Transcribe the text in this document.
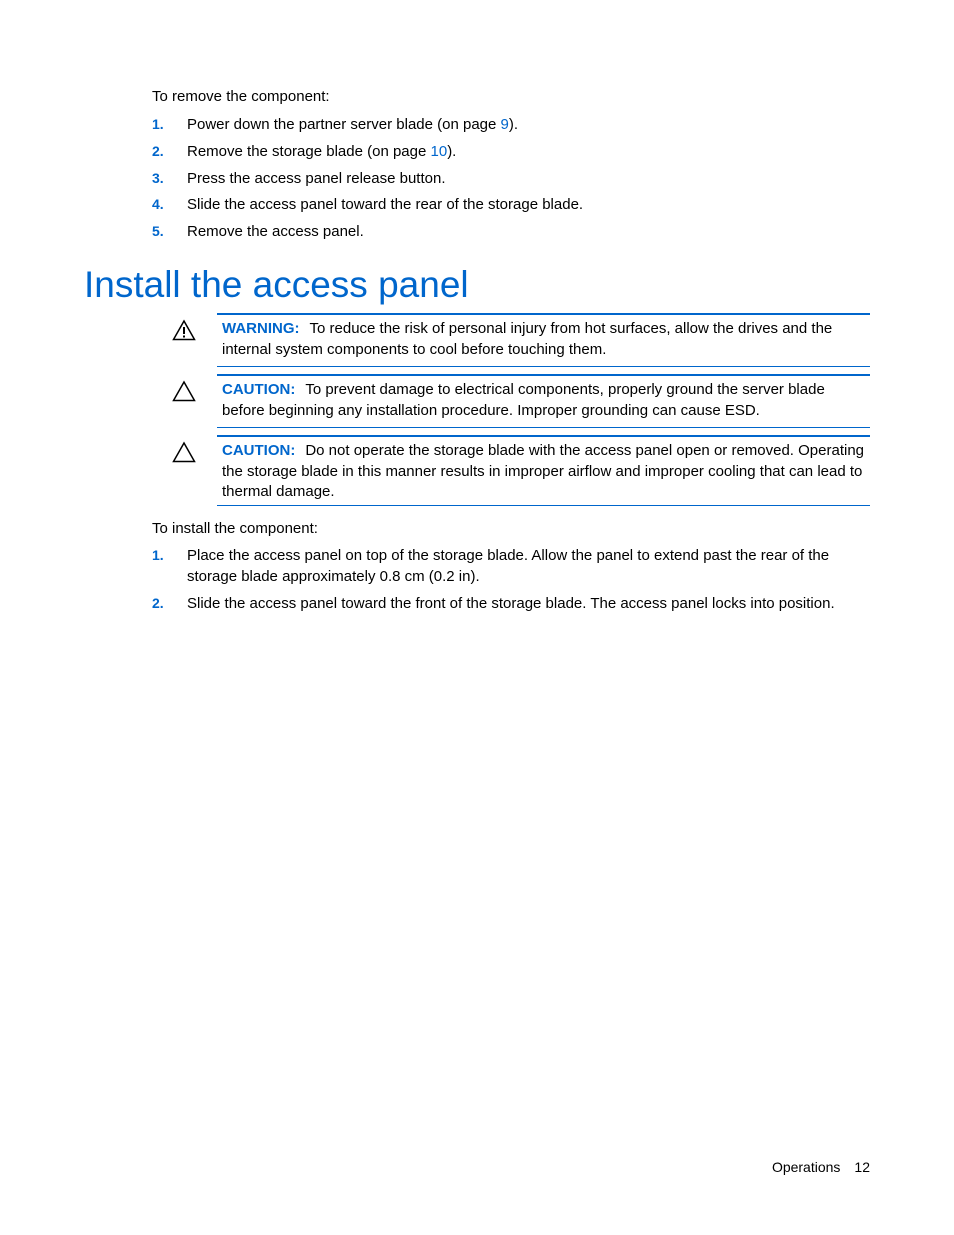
To remove the component:
1. Power down the partner server blade (on page 9).
2. Remove the storage blade (on page 10).
3. Press the access panel release button.
4. Slide the access panel toward the rear of the storage blade.
5. Remove the access panel.
Install the access panel
WARNING: To reduce the risk of personal injury from hot surfaces, allow the drives and the internal system components to cool before touching them.
CAUTION: To prevent damage to electrical components, properly ground the server blade before beginning any installation procedure. Improper grounding can cause ESD.
CAUTION: Do not operate the storage blade with the access panel open or removed. Operating the storage blade in this manner results in improper airflow and improper cooling that can lead to thermal damage.
To install the component:
1. Place the access panel on top of the storage blade. Allow the panel to extend past the rear of the storage blade approximately 0.8 cm (0.2 in).
2. Slide the access panel toward the front of the storage blade. The access panel locks into position.
Operations 12
